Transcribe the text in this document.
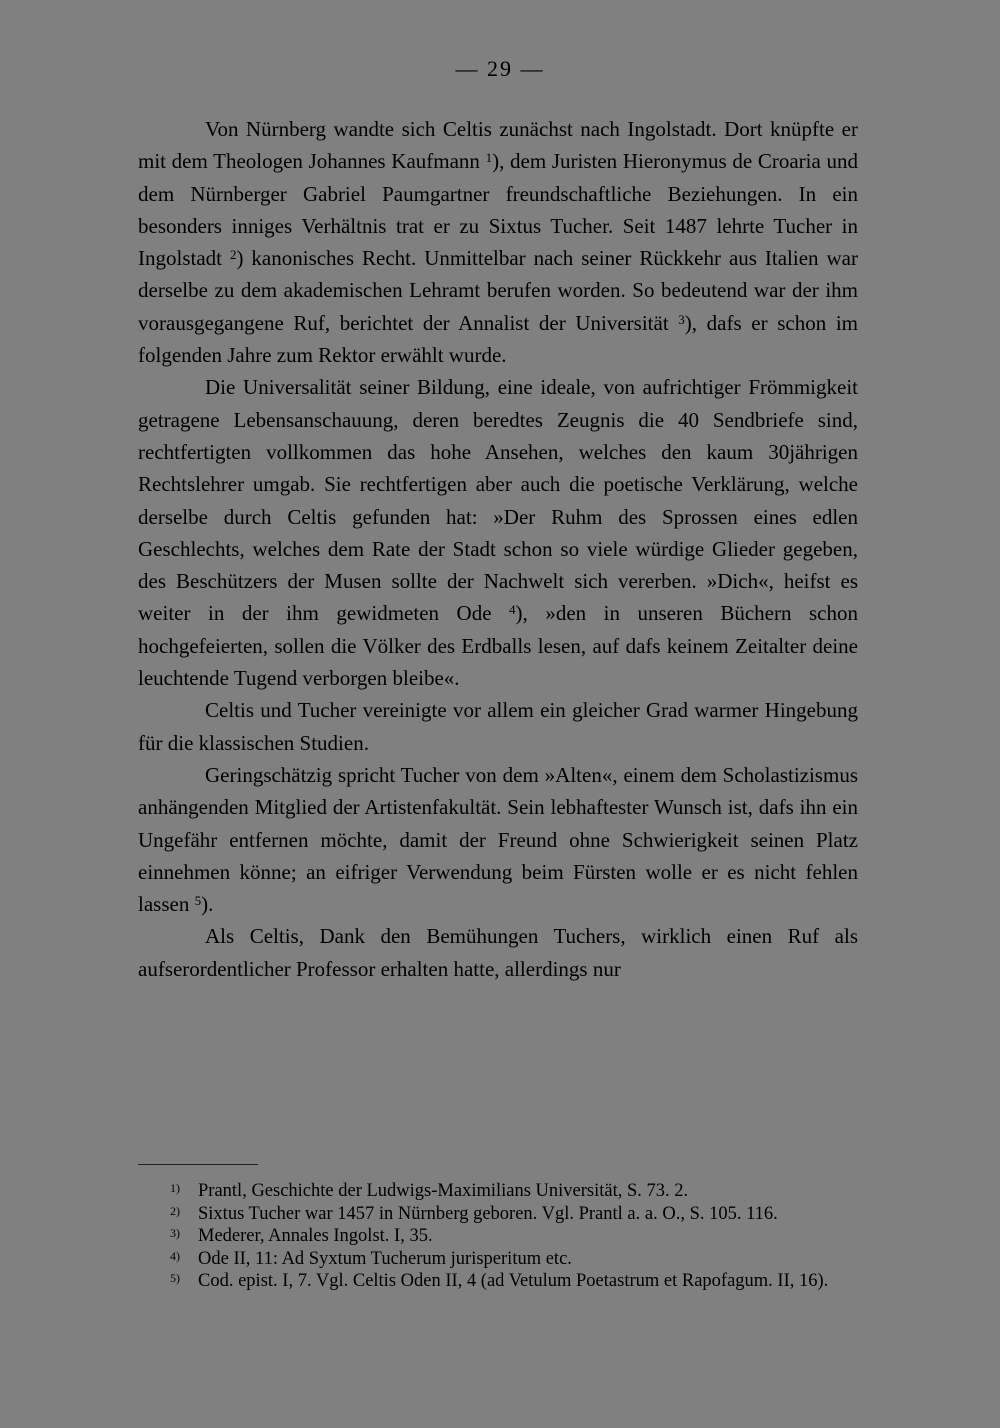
— 29 —

Von Nürnberg wandte sich Celtis zunächst nach Ingolstadt. Dort knüpfte er mit dem Theologen Johannes Kaufmann $^1$), dem Juristen Hieronymus de Croaria und dem Nürnberger Gabriel Paumgartner freundschaftliche Beziehungen. In ein besonders inniges Verhältnis trat er zu Sixtus Tucher. Seit 1487 lehrte Tucher in Ingolstadt $^2$) kanonisches Recht. Unmittelbar nach seiner Rückkehr aus Italien war derselbe zu dem akademischen Lehramt berufen worden. So bedeutend war der ihm vorausgegangene Ruf, berichtet der Annalist der Universität $^3$), dafs er schon im folgenden Jahre zum Rektor erwählt wurde.

Die Universalität seiner Bildung, eine ideale, von aufrichtiger Frömmigkeit getragene Lebensanschauung, deren beredtes Zeugnis die 40 Sendbriefe sind, rechtfertigten vollkommen das hohe Ansehen, welches den kaum 30jährigen Rechtslehrer umgab. Sie rechtfertigen aber auch die poetische Verklärung, welche derselbe durch Celtis gefunden hat: »Der Ruhm des Sprossen eines edlen Geschlechts, welches dem Rate der Stadt schon so viele würdige Glieder gegeben, des Beschützers der Musen sollte der Nachwelt sich vererben. »Dich«, heifst es weiter in der ihm gewidmeten Ode $^4$), »den in unseren Büchern schon hochgefeierten, sollen die Völker des Erdballs lesen, auf dafs keinem Zeitalter deine leuchtende Tugend verborgen bleibe«.

Celtis und Tucher vereinigte vor allem ein gleicher Grad warmer Hingebung für die klassischen Studien.

Geringschätzig spricht Tucher von dem »Alten«, einem dem Scholastizismus anhängenden Mitglied der Artistenfakultät. Sein lebhaftester Wunsch ist, dafs ihn ein Ungefähr entfernen möchte, damit der Freund ohne Schwierigkeit seinen Platz einnehmen könne; an eifriger Verwendung beim Fürsten wolle er es nicht fehlen lassen $^5$).

Als Celtis, Dank den Bemühungen Tuchers, wirklich einen Ruf als aufserordentlicher Professor erhalten hatte, allerdings nur

1) Prantl, Geschichte der Ludwigs-Maximilians Universität, S. 73. 2.
2) Sixtus Tucher war 1457 in Nürnberg geboren. Vgl. Prantl a. a. O., S. 105. 116.
3) Mederer, Annales Ingolst. I, 35.
4) Ode II, 11: Ad Syxtum Tucherum jurisperitum etc.
5) Cod. epist. I, 7. Vgl. Celtis Oden II, 4 (ad Vetulum Poetastrum et Rapofagum. II, 16).
